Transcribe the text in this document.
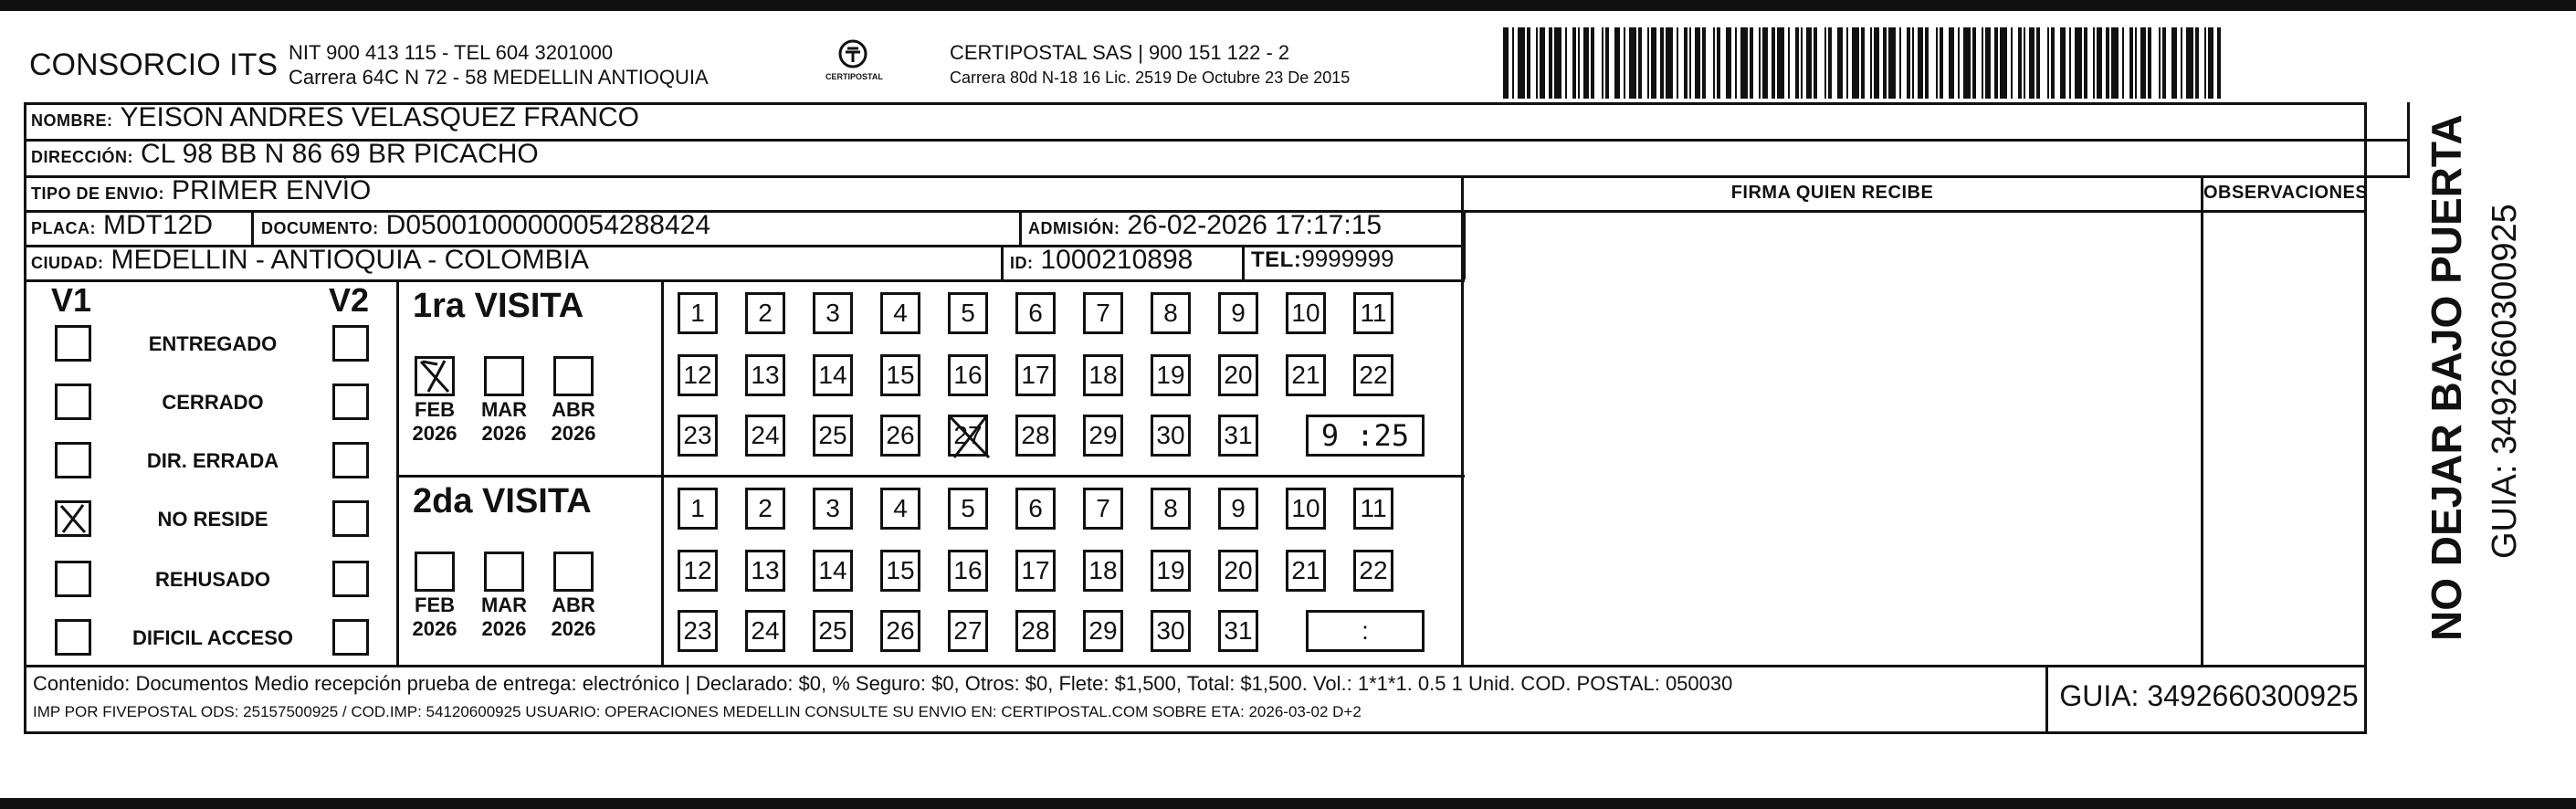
CONSORCIO ITS NIT 900 413 115 - TEL 604 3201000
Carrera 64C N 72 - 58 MEDELLIN ANTIOQUIA	CERTIPOSTAL
CERTIPOSTAL SAS | 900 151 122 - 2
Carrera 80d N-18 16 Lic. 2519 De Octubre 23 De 2015
NOMBRE: YEISON ANDRES VELASQUEZ FRANCO
DIRECCIÓN: CL 98 BB N 86 69 BR PICACHO
TIPO DE ENVIO: PRIMER ENVÍO
PLACA: MDT12D	DOCUMENTO: D05001000000054288424	ADMISIÓN: 26-02-2026 17:17:15
CIUDAD: MEDELLIN - ANTIOQUIA - COLOMBIA	ID: 1000210898	TEL: 9999999
FIRMA QUIEN RECIBE	OBSERVACIONES
V1	V2
ENTREGADO
CERRADO
DIR. ERRADA
NO RESIDE
REHUSADO
DIFICIL ACCESO
1ra VISITA
FEB
2026
MAR
2026
ABR
2026
1	2	3	4	5	6	7	8	9	10 11
12 13 14 15 16 17 18 19 20 21 22
23 24 25 26 27 28 29 30 31	9 :25
2da VISITA
FEB
2026
MAR
2026
ABR
2026
1	2	3	4	5	6	7	8	9	10 11
12 13 14 15 16 17 18 19 20 21 22
23 24 25 26 27 28 29 30 31	:
Contenido: Documentos Medio recepción prueba de entrega: electrónico | Declarado: $0, % Seguro: $0, Otros: $0, Flete: $1,500, Total: $1,500. Vol.: 1*1*1. 0.5 1 Unid. COD. POSTAL: 050030
IMP POR FIVEPOSTAL ODS: 25157500925 / COD.IMP: 54120600925 USUARIO: OPERACIONES MEDELLIN CONSULTE SU ENVIO EN: CERTIPOSTAL.COM SOBRE ETA: 2026-03-02 D+2	GUIA: 3492660300925
NO DEJAR BAJO PUERTA GUIA: 3492660300925
